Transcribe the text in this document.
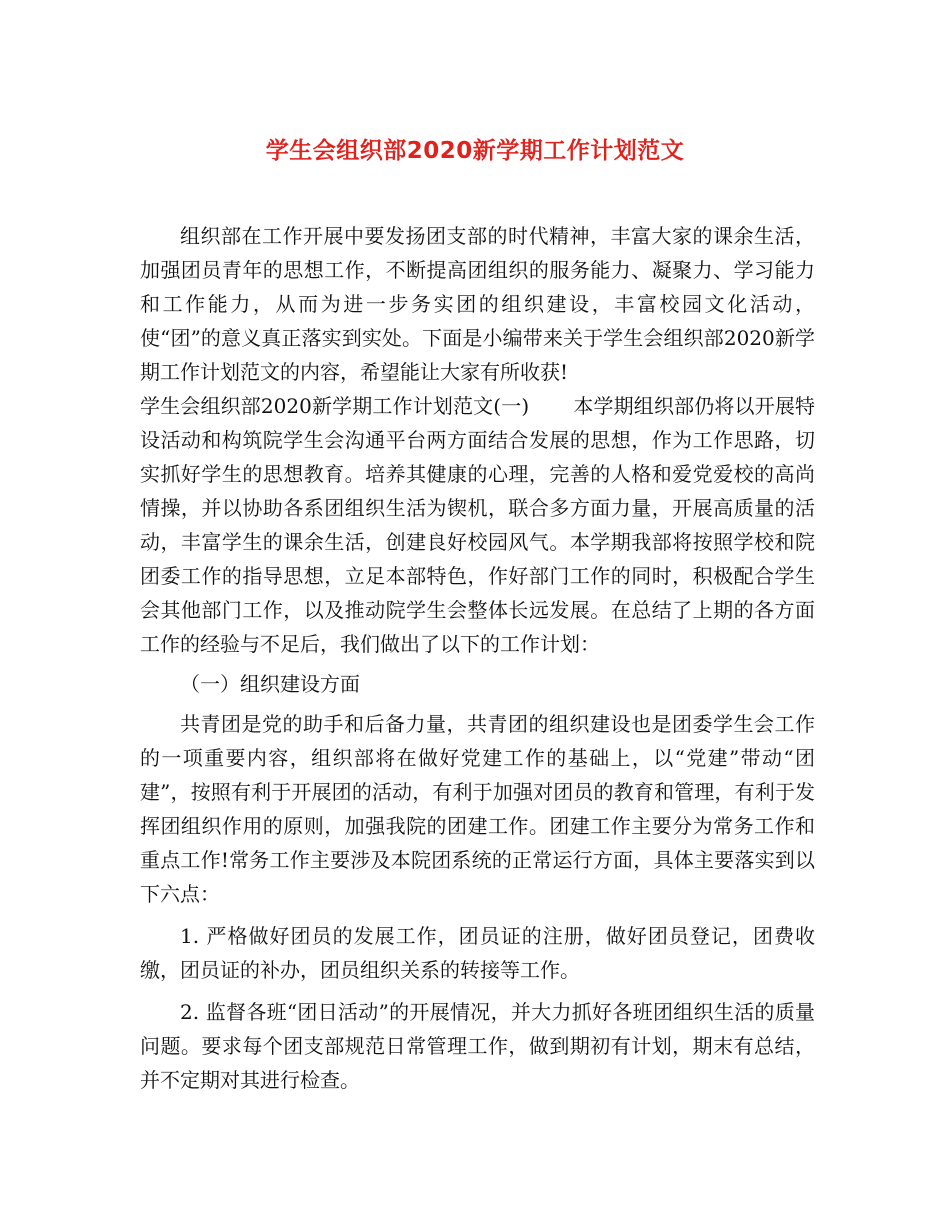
学生会组织部2020新学期工作计划范文

组织部在工作开展中要发扬团支部的时代精神，丰富大家的课余生活，加强团员青年的思想工作，不断提高团组织的服务能力、凝聚力、学习能力和工作能力，从而为进一步务实团的组织建设，丰富校园文化活动，使“团”的意义真正落实到实处。下面是小编带来关于学生会组织部2020新学期工作计划范文的内容，希望能让大家有所收获!

学生会组织部2020新学期工作计划范文(一) 本学期组织部仍将以开展特设活动和构筑院学生会沟通平台两方面结合发展的思想，作为工作思路，切实抓好学生的思想教育。培养其健康的心理，完善的人格和爱党爱校的高尚情操，并以协助各系团组织生活为锲机，联合多方面力量，开展高质量的活动，丰富学生的课余生活，创建良好校园风气。本学期我部将按照学校和院团委工作的指导思想，立足本部特色，作好部门工作的同时，积极配合学生会其他部门工作，以及推动院学生会整体长远发展。在总结了上期的各方面工作的经验与不足后，我们做出了以下的工作计划：

（一）组织建设方面

共青团是党的助手和后备力量，共青团的组织建设也是团委学生会工作的一项重要内容，组织部将在做好党建工作的基础上，以“党建”带动“团建”，按照有利于开展团的活动，有利于加强对团员的教育和管理，有利于发挥团组织作用的原则，加强我院的团建工作。团建工作主要分为常务工作和重点工作!常务工作主要涉及本院团系统的正常运行方面，具体主要落实到以下六点：

1. 严格做好团员的发展工作，团员证的注册，做好团员登记，团费收缴，团员证的补办，团员组织关系的转接等工作。

2. 监督各班“团日活动”的开展情况，并大力抓好各班团组织生活的质量问题。要求每个团支部规范日常管理工作，做到期初有计划，期末有总结，并不定期对其进行检查。
